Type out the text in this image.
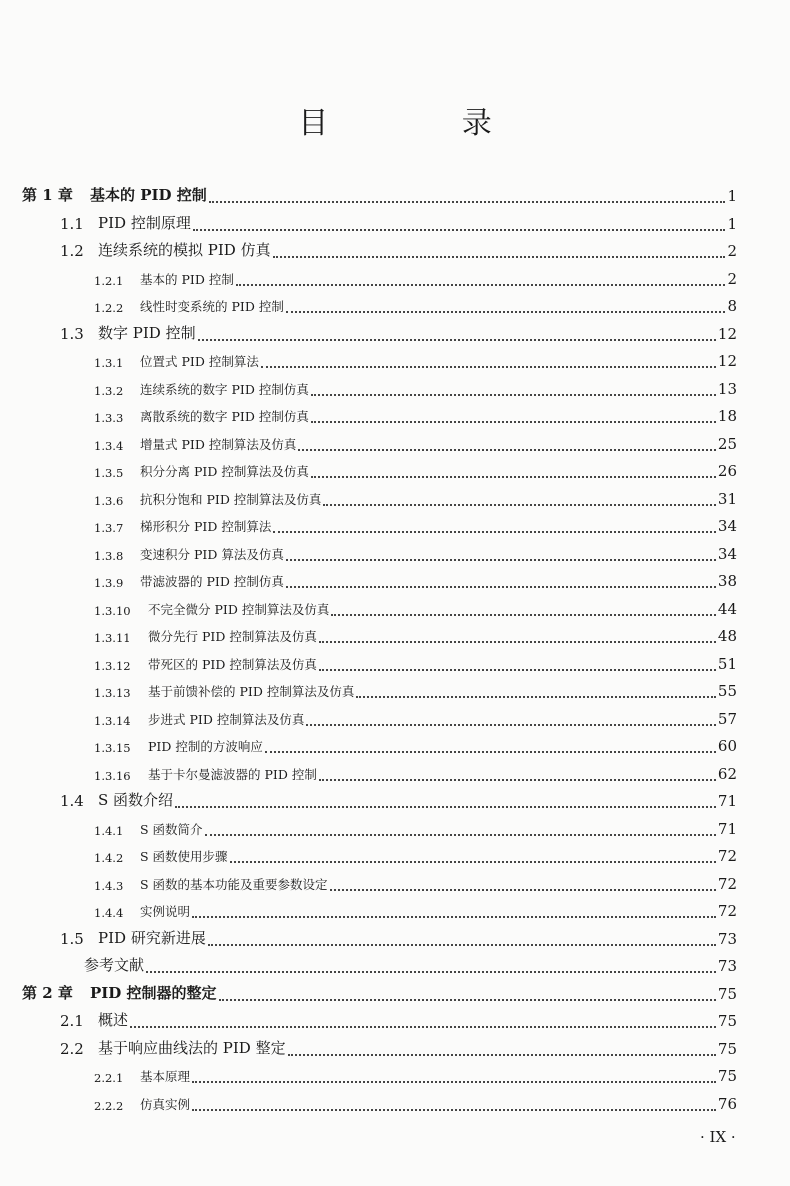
目 录
第 1 章	基本的 PID 控制	1
1.1 PID 控制原理	1
1.2 连续系统的模拟 PID 仿真	2
1.2.1	基本的 PID 控制	2
1.2.2	线性时变系统的 PID 控制	8
1.3 数字 PID 控制	12
1.3.1	位置式 PID 控制算法	12
1.3.2	连续系统的数字 PID 控制仿真	13
1.3.3	离散系统的数字 PID 控制仿真	18
1.3.4	增量式 PID 控制算法及仿真	25
1.3.5	积分分离 PID 控制算法及仿真	26
1.3.6	抗积分饱和 PID 控制算法及仿真	31
1.3.7	梯形积分 PID 控制算法	34
1.3.8	变速积分 PID 算法及仿真	34
1.3.9	带滤波器的 PID 控制仿真	38
1.3.10	不完全微分 PID 控制算法及仿真	44
1.3.11	微分先行 PID 控制算法及仿真	48
1.3.12	带死区的 PID 控制算法及仿真	51
1.3.13	基于前馈补偿的 PID 控制算法及仿真	55
1.3.14	步进式 PID 控制算法及仿真	57
1.3.15	PID 控制的方波响应	60
1.3.16	基于卡尔曼滤波器的 PID 控制	62
1.4 S 函数介绍	71
1.4.1	S 函数简介	71
1.4.2	S 函数使用步骤	72
1.4.3	S 函数的基本功能及重要参数设定	72
1.4.4	实例说明	72
1.5 PID 研究新进展	73
参考文献	73
第 2 章	PID 控制器的整定	75
2.1 概述	75
2.2 基于响应曲线法的 PID 整定	75
2.2.1	基本原理	75
2.2.2	仿真实例	76
· IX ·
